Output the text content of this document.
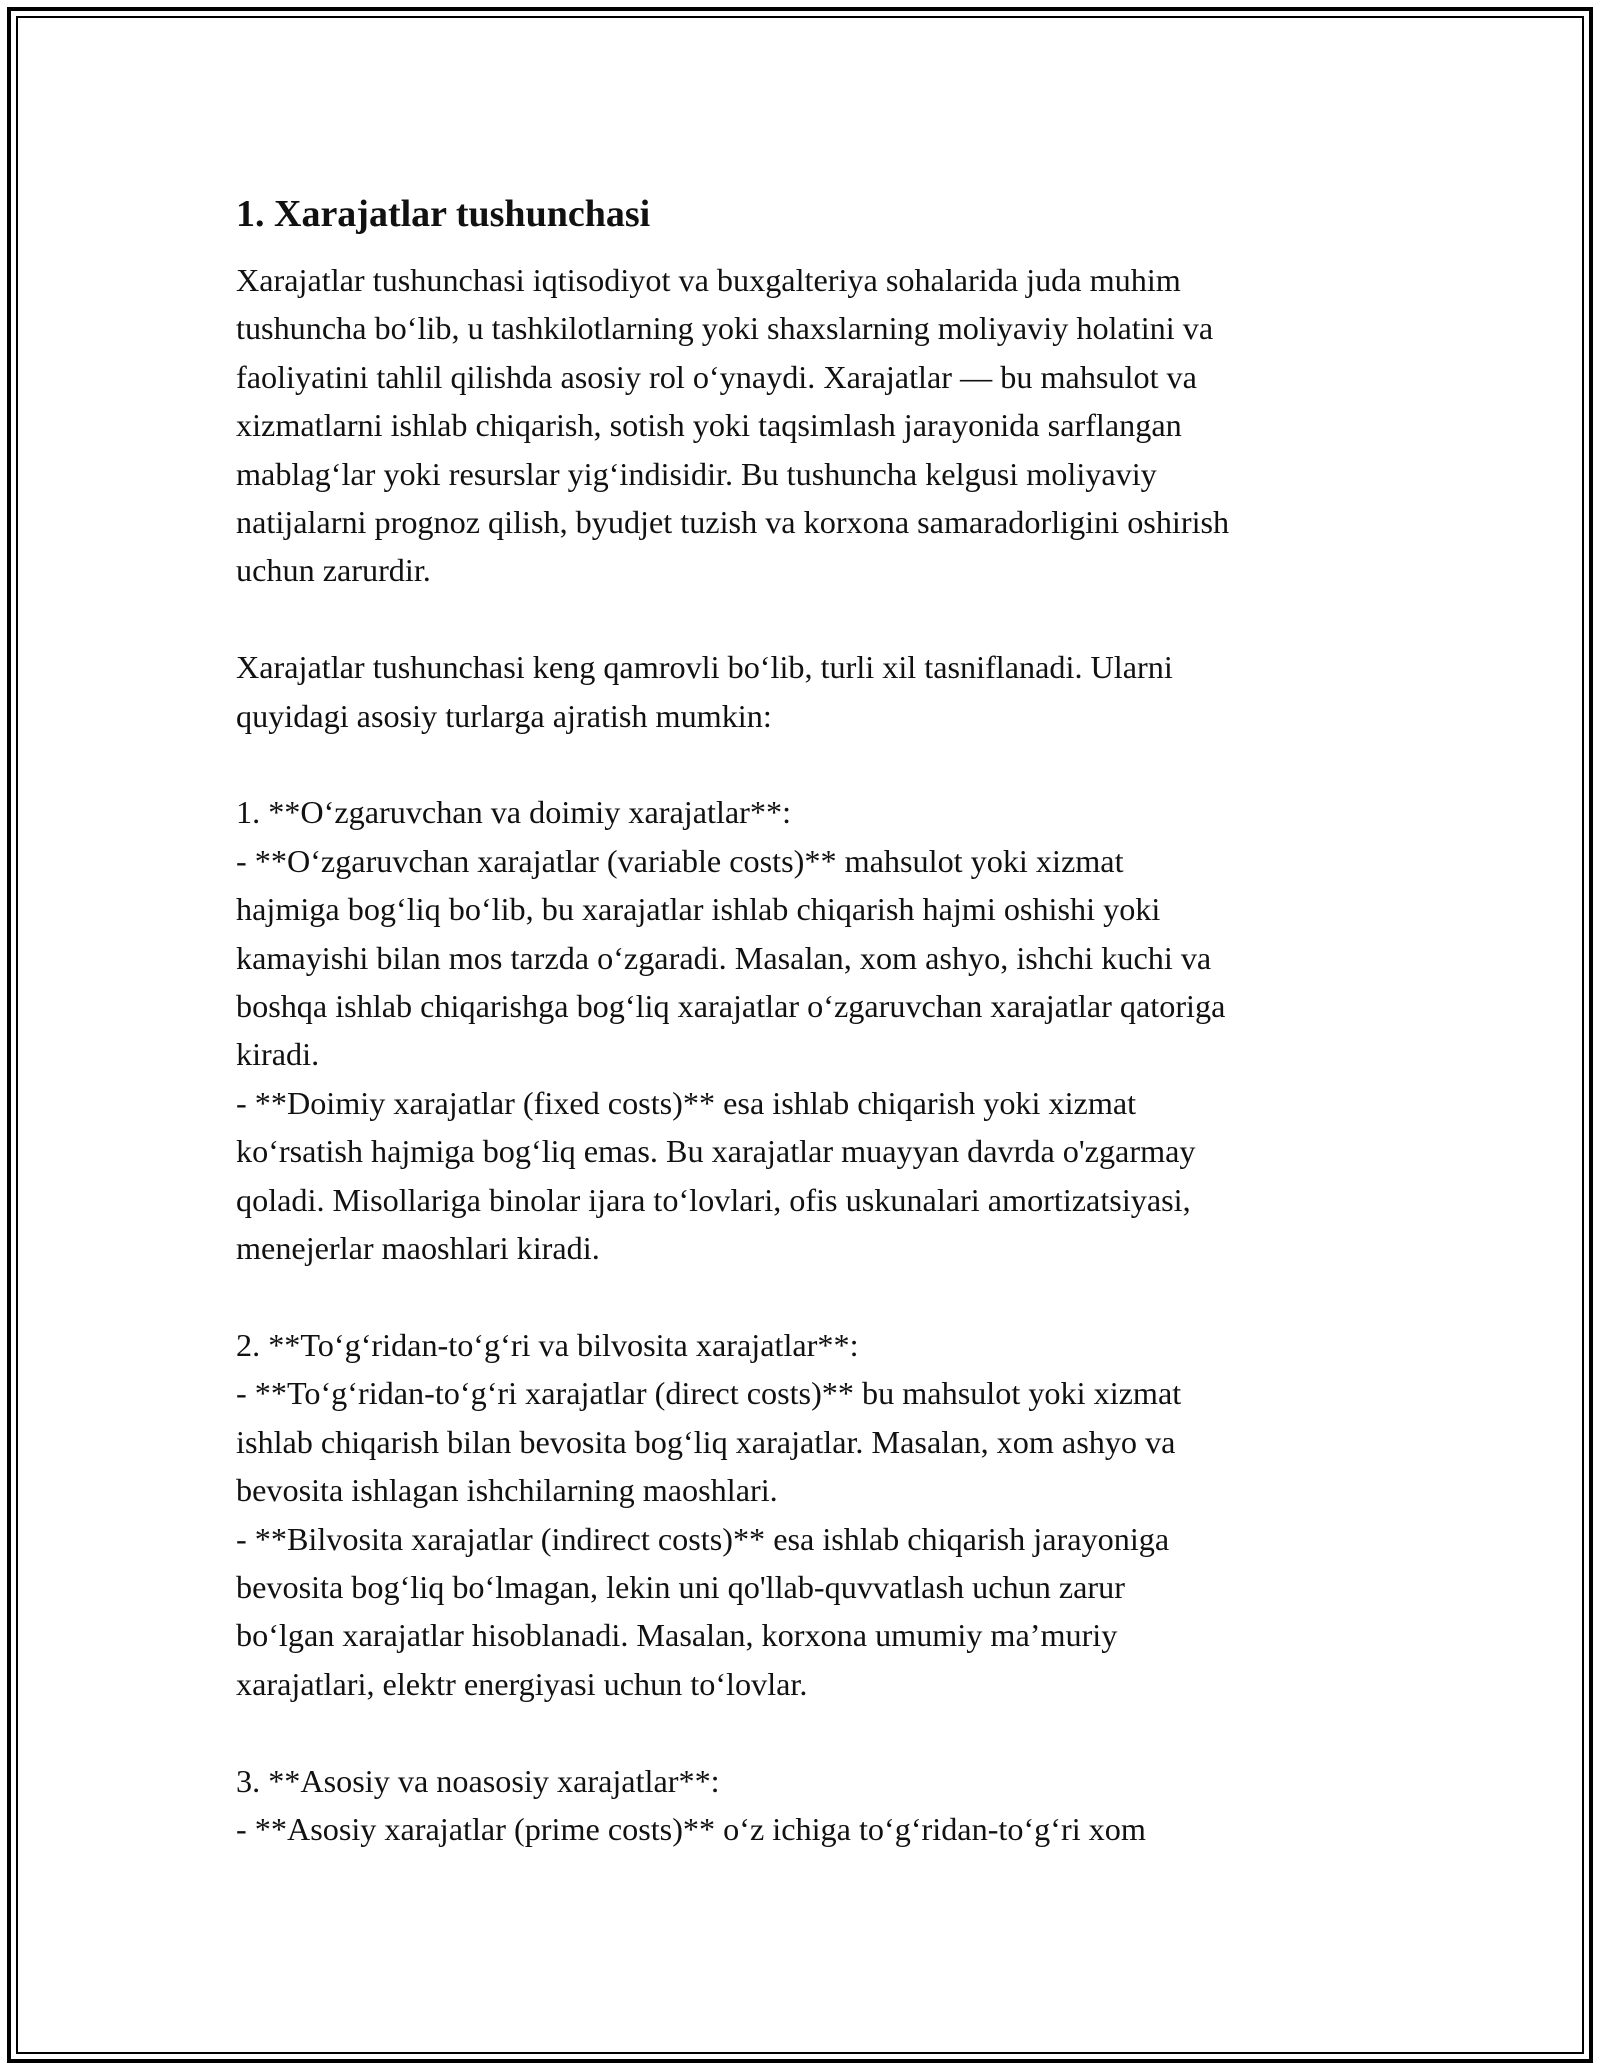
1. Xarajatlar tushunchasi

Xarajatlar tushunchasi iqtisodiyot va buxgalteriya sohalarida juda muhim
tushuncha bo‘lib, u tashkilotlarning yoki shaxslarning moliyaviy holatini va
faoliyatini tahlil qilishda asosiy rol o‘ynaydi. Xarajatlar — bu mahsulot va
xizmatlarni ishlab chiqarish, sotish yoki taqsimlash jarayonida sarflangan
mablag‘lar yoki resurslar yig‘indisidir. Bu tushuncha kelgusi moliyaviy
natijalarni prognoz qilish, byudjet tuzish va korxona samaradorligini oshirish
uchun zarurdir.

Xarajatlar tushunchasi keng qamrovli bo‘lib, turli xil tasniflanadi. Ularni
quyidagi asosiy turlarga ajratish mumkin:

1. **O‘zgaruvchan va doimiy xarajatlar**:
- **O‘zgaruvchan xarajatlar (variable costs)** mahsulot yoki xizmat
hajmiga bog‘liq bo‘lib, bu xarajatlar ishlab chiqarish hajmi oshishi yoki
kamayishi bilan mos tarzda o‘zgaradi. Masalan, xom ashyo, ishchi kuchi va
boshqa ishlab chiqarishga bog‘liq xarajatlar o‘zgaruvchan xarajatlar qatoriga
kiradi.
- **Doimiy xarajatlar (fixed costs)** esa ishlab chiqarish yoki xizmat
ko‘rsatish hajmiga bog‘liq emas. Bu xarajatlar muayyan davrda o'zgarmay
qoladi. Misollariga binolar ijara to‘lovlari, ofis uskunalari amortizatsiyasi,
menejerlar maoshlari kiradi.

2. **To‘g‘ridan-to‘g‘ri va bilvosita xarajatlar**:
- **To‘g‘ridan-to‘g‘ri xarajatlar (direct costs)** bu mahsulot yoki xizmat
ishlab chiqarish bilan bevosita bog‘liq xarajatlar. Masalan, xom ashyo va
bevosita ishlagan ishchilarning maoshlari.
- **Bilvosita xarajatlar (indirect costs)** esa ishlab chiqarish jarayoniga
bevosita bog‘liq bo‘lmagan, lekin uni qo'llab-quvvatlash uchun zarur
bo‘lgan xarajatlar hisoblanadi. Masalan, korxona umumiy ma’muriy
xarajatlari, elektr energiyasi uchun to‘lovlar.

3. **Asosiy va noasosiy xarajatlar**:
- **Asosiy xarajatlar (prime costs)** o‘z ichiga to‘g‘ridan-to‘g‘ri xom
